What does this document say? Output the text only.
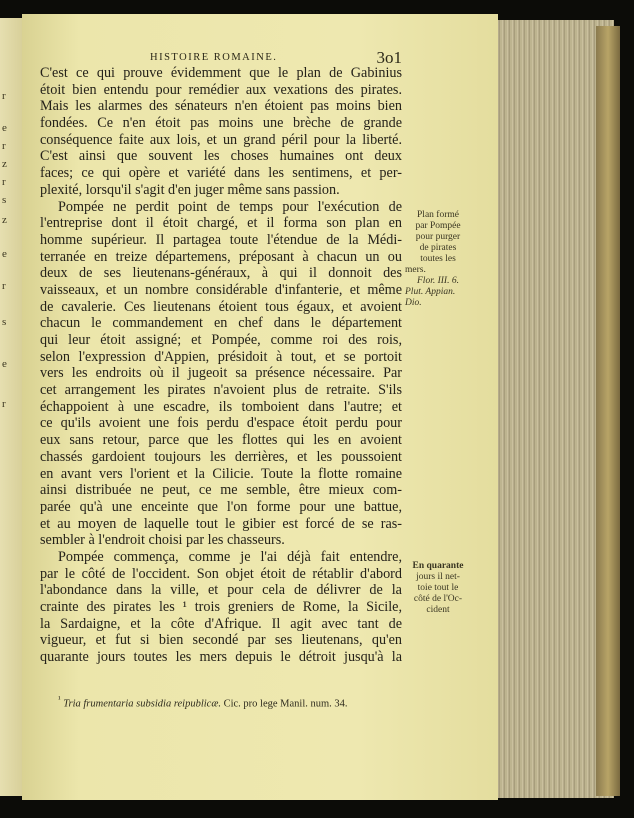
r
e
r
z
r
s
z
e
r
s
e
r
HISTOIRE ROMAINE.	3o1
C'est ce qui prouve évidemment que le plan de Gabinius
étoit bien entendu pour remédier aux vexations des pirates.
Mais les alarmes des sénateurs n'en étoient pas moins bien
fondées. Ce n'en étoit pas moins une brèche de grande
conséquence faite aux lois, et un grand péril pour la liberté.
C'est ainsi que souvent les choses humaines ont deux
faces; ce qui opère et variété dans les sentimens, et per-
plexité, lorsqu'il s'agit d'en juger même sans passion.
Pompée ne perdit point de temps pour l'exécution de
l'entreprise dont il étoit chargé, et il forma son plan en
homme supérieur. Il partagea toute l'étendue de la Médi-
terranée en treize départemens, préposant à chacun un ou
deux de ses lieutenans-généraux, à qui il donnoit des
vaisseaux, et un nombre considérable d'infanterie, et même
de cavalerie. Ces lieutenans étoient tous égaux, et avoient
chacun le commandement en chef dans le département
qui leur étoit assigné; et Pompée, comme roi des rois,
selon l'expression d'Appien, présidoit à tout, et se portoit
vers les endroits où il jugeoit sa présence nécessaire. Par
cet arrangement les pirates n'avoient plus de retraite. S'ils
échappoient à une escadre, ils tomboient dans l'autre; et
ce qu'ils avoient une fois perdu d'espace étoit perdu pour
eux sans retour, parce que les flottes qui les en avoient
chassés gardoient toujours les derrières, et les poussoient
en avant vers l'orient et la Cilicie. Toute la flotte romaine
ainsi distribuée ne peut, ce me semble, être mieux com-
parée qu'à une enceinte que l'on forme pour une battue,
et au moyen de laquelle tout le gibier est forcé de se ras-
sembler à l'endroit choisi par les chasseurs.
Pompée commença, comme je l'ai déjà fait entendre,
par le côté de l'occident. Son objet étoit de rétablir d'abord
l'abondance dans la ville, et pour cela de délivrer de la
crainte des pirates les ¹ trois greniers de Rome, la Sicile,
la Sardaigne, et la côte d'Afrique. Il agit avec tant de
vigueur, et fut si bien secondé par ses lieutenans, qu'en
quarante jours toutes les mers depuis le détroit jusqu'à la
Plan formé
par Pompée
pour purger
de pirates
toutes les
mers.
Flor. III. 6.
Plut. Appian.
Dio.
En quarante
jours il net-
toie tout le
côté de l'Oc-
cident
$^{^1}$ Tria frumentaria subsidia reipublicæ. Cic. pro lege Manil. num. 34.
